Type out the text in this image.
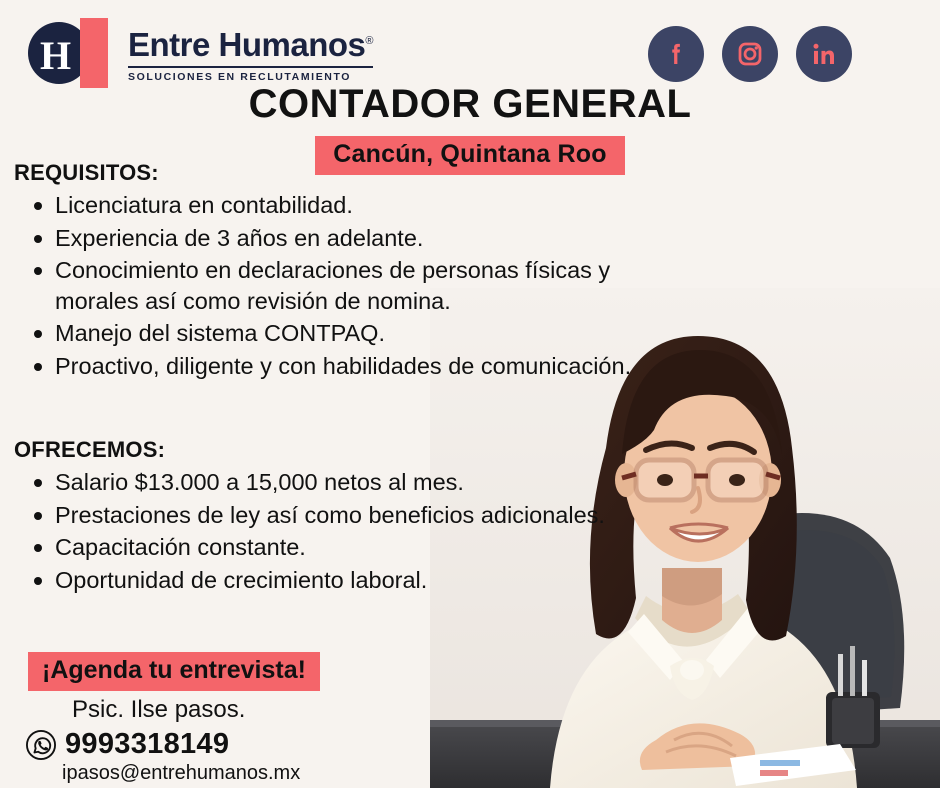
H Entre Humanos®
SOLUCIONES EN RECLUTAMIENTO
CONTADOR GENERAL
Cancún, Quintana Roo
REQUISITOS:
Licenciatura en contabilidad.
Experiencia de 3 años en adelante.
Conocimiento en declaraciones de personas físicas y morales así como revisión de nomina.
Manejo del sistema CONTPAQ.
Proactivo, diligente y con habilidades de comunicación.
OFRECEMOS:
Salario $13.000 a 15,000 netos al mes.
Prestaciones de ley así como beneficios adicionales.
Capacitación constante.
Oportunidad de crecimiento laboral.
¡Agenda tu entrevista!
Psic. Ilse pasos.
9993318149
ipasos@entrehumanos.mx
